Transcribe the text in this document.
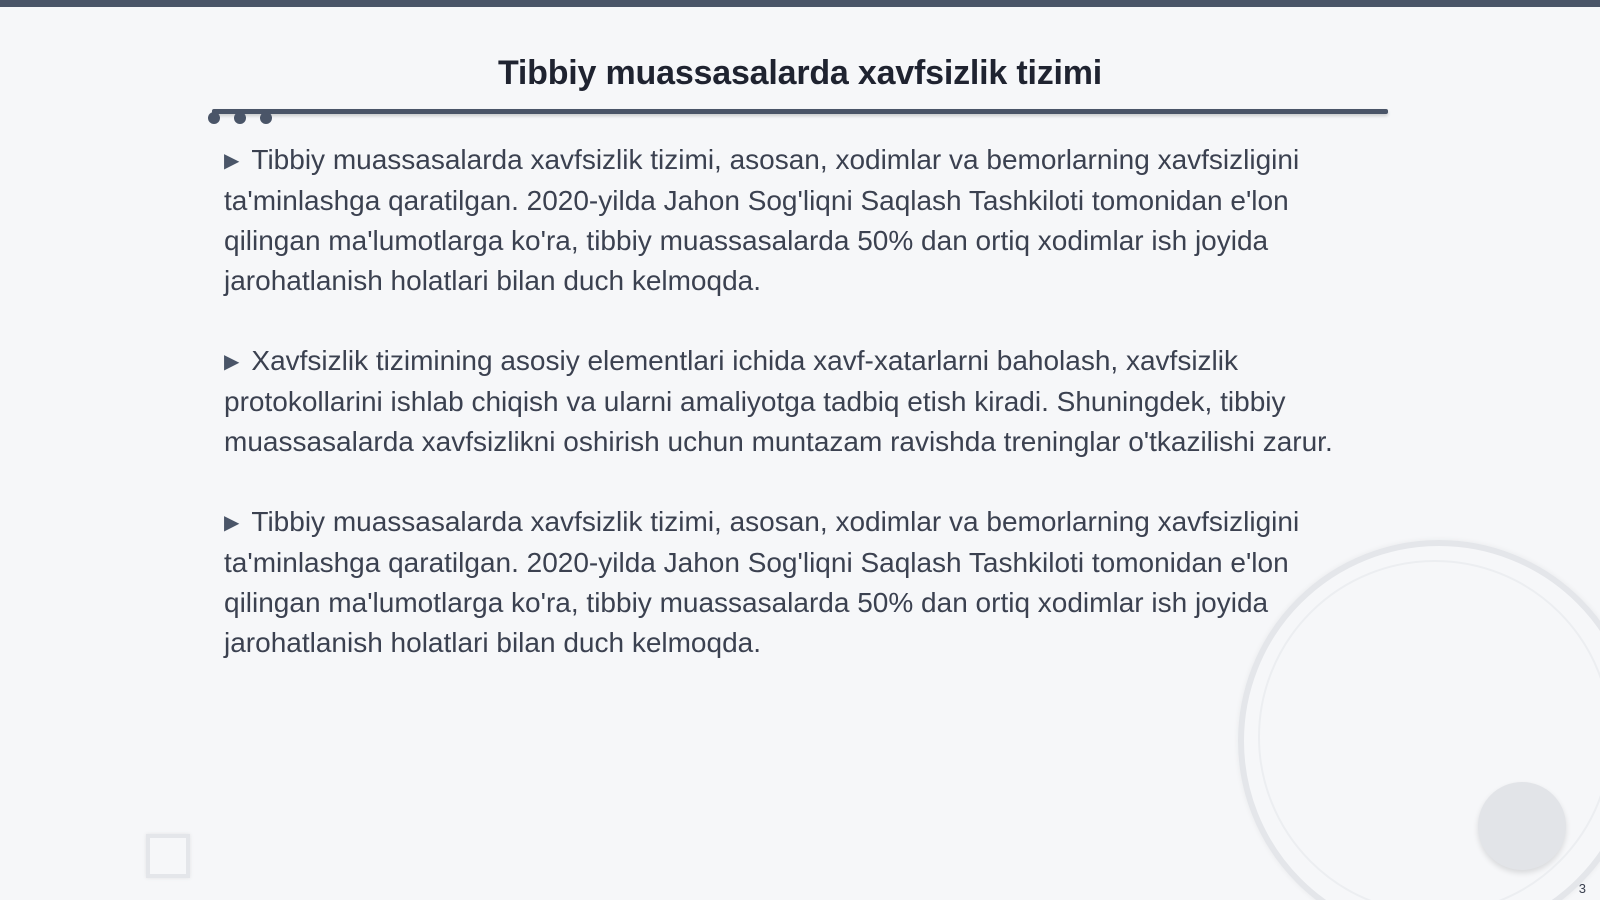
Tibbiy muassasalarda xavfsizlik tizimi

▶ Tibbiy muassasalarda xavfsizlik tizimi, asosan, xodimlar va bemorlarning xavfsizligini ta'minlashga qaratilgan. 2020-yilda Jahon Sog'liqni Saqlash Tashkiloti tomonidan e'lon qilingan ma'lumotlarga ko'ra, tibbiy muassasalarda 50% dan ortiq xodimlar ish joyida jarohatlanish holatlari bilan duch kelmoqda.

▶ Xavfsizlik tizimining asosiy elementlari ichida xavf-xatarlarni baholash, xavfsizlik protokollarini ishlab chiqish va ularni amaliyotga tadbiq etish kiradi. Shuningdek, tibbiy muassasalarda xavfsizlikni oshirish uchun muntazam ravishda treninglar o'tkazilishi zarur.

▶ Tibbiy muassasalarda xavfsizlik tizimi, asosan, xodimlar va bemorlarning xavfsizligini ta'minlashga qaratilgan. 2020-yilda Jahon Sog'liqni Saqlash Tashkiloti tomonidan e'lon qilingan ma'lumotlarga ko'ra, tibbiy muassasalarda 50% dan ortiq xodimlar ish joyida jarohatlanish holatlari bilan duch kelmoqda.

3
